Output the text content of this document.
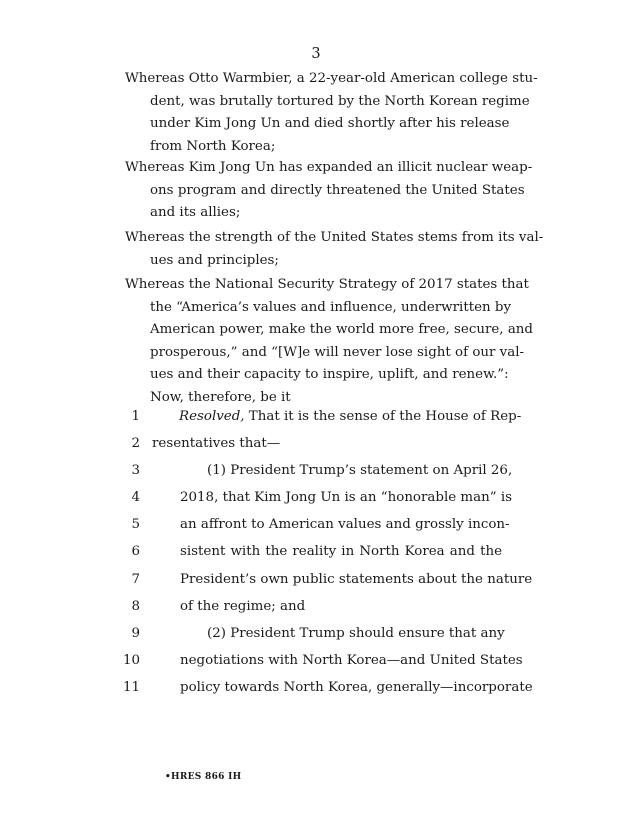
3
Whereas Otto Warmbier, a 22-year-old American college stu-
dent, was brutally tortured by the North Korean regime
under Kim Jong Un and died shortly after his release
from North Korea;
Whereas Kim Jong Un has expanded an illicit nuclear weap-
ons program and directly threatened the United States
and its allies;
Whereas the strength of the United States stems from its val-
ues and principles;
Whereas the National Security Strategy of 2017 states that
the “America’s values and influence, underwritten by
American power, make the world more free, secure, and
prosperous,” and “[W]e will never lose sight of our val-
ues and their capacity to inspire, uplift, and renew.”:
Now, therefore, be it
1	Resolved, That it is the sense of the House of Rep-
2 resentatives that—
3	(1) President Trump’s statement on April 26,
4	2018, that Kim Jong Un is an “honorable man” is
5	an affront to American values and grossly incon-
6	sistent with the reality in North Korea and the
7	President’s own public statements about the nature
8	of the regime; and
9	(2) President Trump should ensure that any
10	negotiations with North Korea—and United States
11	policy towards North Korea, generally—incorporate
•HRES 866 IH
